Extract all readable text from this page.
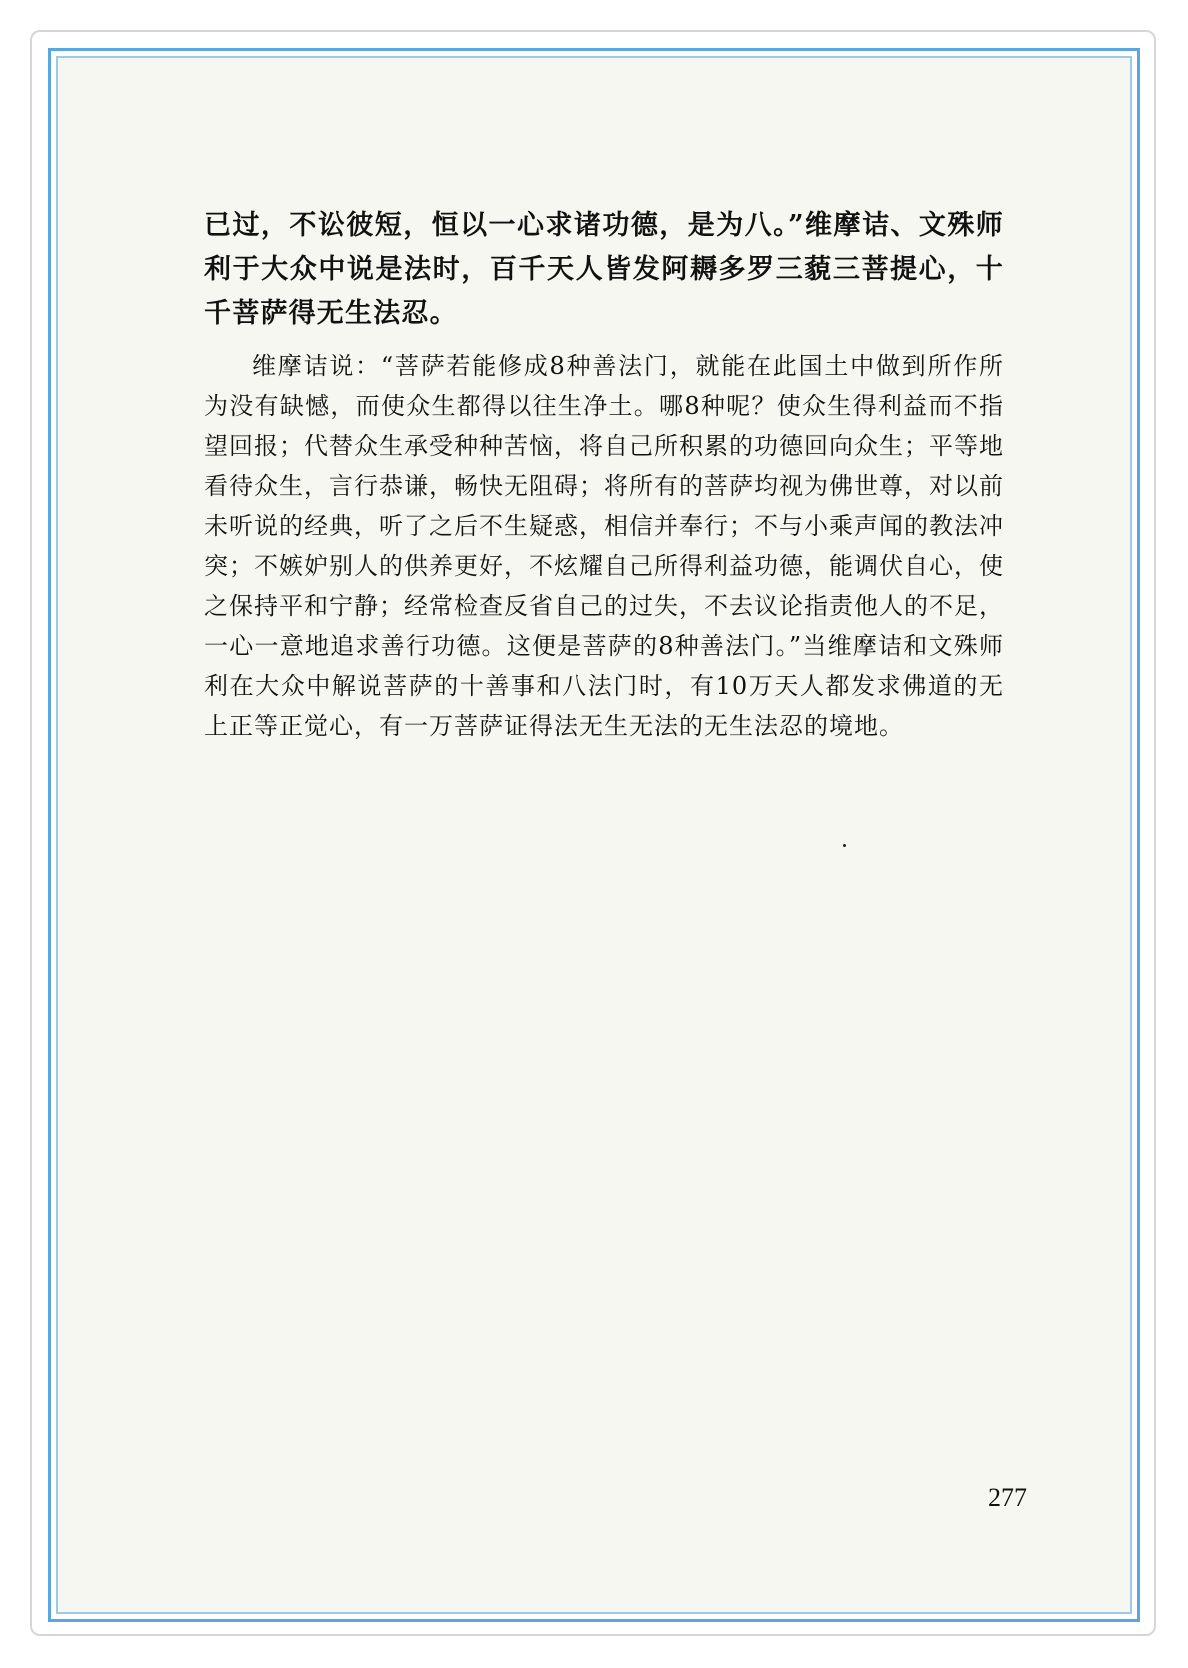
已过，不讼彼短，恒以一心求诸功德，是为八。”维摩诘、文殊师利于大众中说是法时，百千天人皆发阿耨多罗三藐三菩提心，十千菩萨得无生法忍。

维摩诘说：“菩萨若能修成8种善法门，就能在此国土中做到所作所为没有缺憾，而使众生都得以往生净土。哪8种呢？使众生得利益而不指望回报；代替众生承受种种苦恼，将自己所积累的功德回向众生；平等地看待众生，言行恭谦，畅快无阻碍；将所有的菩萨均视为佛世尊，对以前未听说的经典，听了之后不生疑惑，相信并奉行；不与小乘声闻的教法冲突；不嫉妒别人的供养更好，不炫耀自己所得利益功德，能调伏自心，使之保持平和宁静；经常检查反省自己的过失，不去议论指责他人的不足，一心一意地追求善行功德。这便是菩萨的8种善法门。”当维摩诘和文殊师利在大众中解说菩萨的十善事和八法门时，有10万天人都发求佛道的无上正等正觉心，有一万菩萨证得法无生无法的无生法忍的境地。

277
